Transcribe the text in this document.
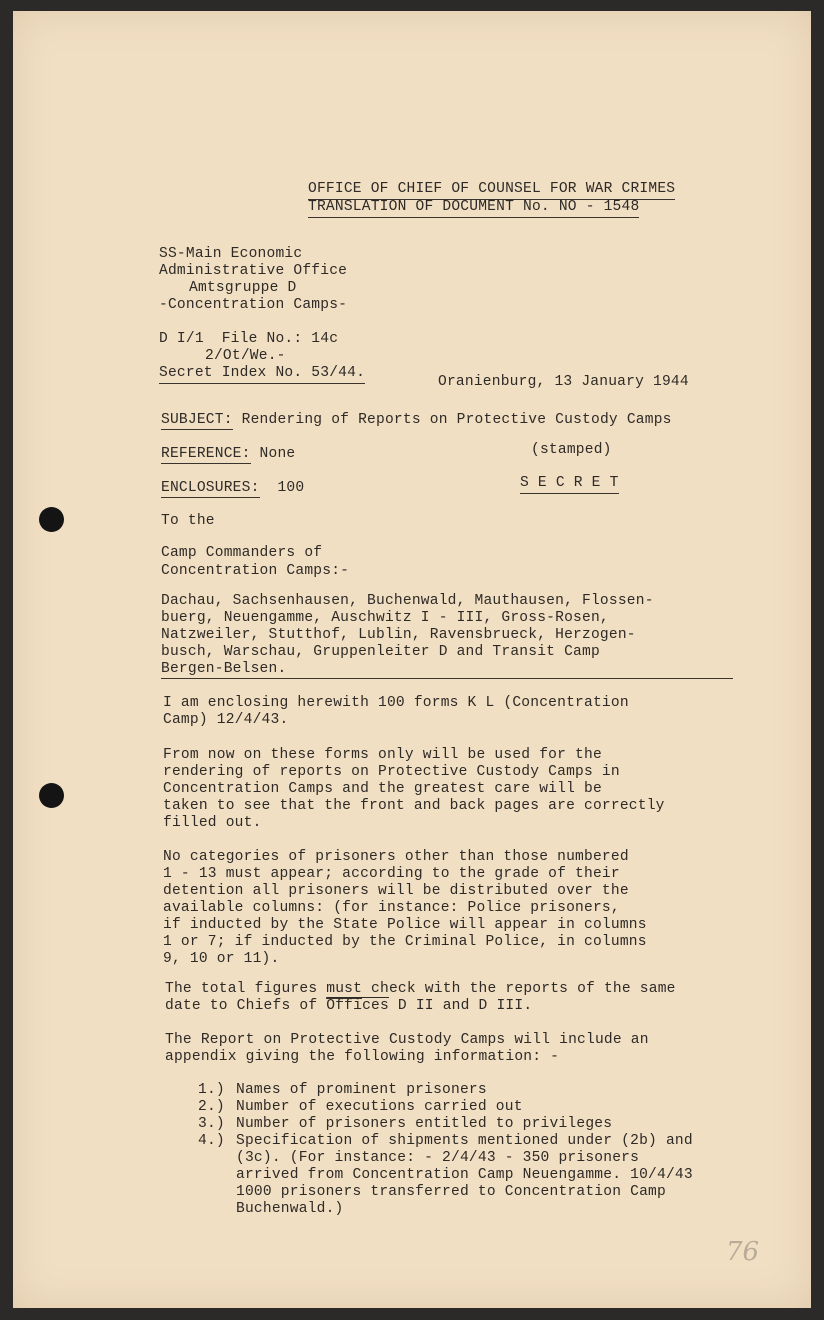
OFFICE OF CHIEF OF COUNSEL FOR WAR CRIMES
TRANSLATION OF DOCUMENT No. NO - 1548
SS-Main Economic
Administrative Office
Amtsgruppe D
-Concentration Camps-
D I/1  File No.: 14c
2/Ot/We.-
Secret Index No. 53/44.
Oranienburg, 13 January 1944
SUBJECT: Rendering of Reports on Protective Custody Camps
REFERENCE: None	(stamped)
ENCLOSURES: 100	S E C R E T
To the
Camp Commanders of
Concentration Camps:-
Dachau, Sachsenhausen, Buchenwald, Mauthausen, Flossen-
buerg, Neuengamme, Auschwitz I - III, Gross-Rosen,
Natzweiler, Stutthof, Lublin, Ravensbrueck, Herzogen-
busch, Warschau, Gruppenleiter D and Transit Camp
Bergen-Belsen.
I am enclosing herewith 100 forms K L (Concentration
Camp) 12/4/43.
From now on these forms only will be used for the
rendering of reports on Protective Custody Camps in
Concentration Camps and the greatest care will be
taken to see that the front and back pages are correctly
filled out.
No categories of prisoners other than those numbered
1 - 13 must appear; according to the grade of their
detention all prisoners will be distributed over the
available columns: (for instance: Police prisoners,
if inducted by the State Police will appear in columns
1 or 7; if inducted by the Criminal Police, in columns
9, 10 or 11).
The total figures must check with the reports of the same
date to Chiefs of Offices D II and D III.
The Report on Protective Custody Camps will include an
appendix giving the following information: -
1.) Names of prominent prisoners
2.) Number of executions carried out
3.) Number of prisoners entitled to privileges
4.) Specification of shipments mentioned under (2b) and
(3c). (For instance: - 2/4/43 - 350 prisoners
arrived from Concentration Camp Neuengamme. 10/4/43
1000 prisoners transferred to Concentration Camp
Buchenwald.)
76
